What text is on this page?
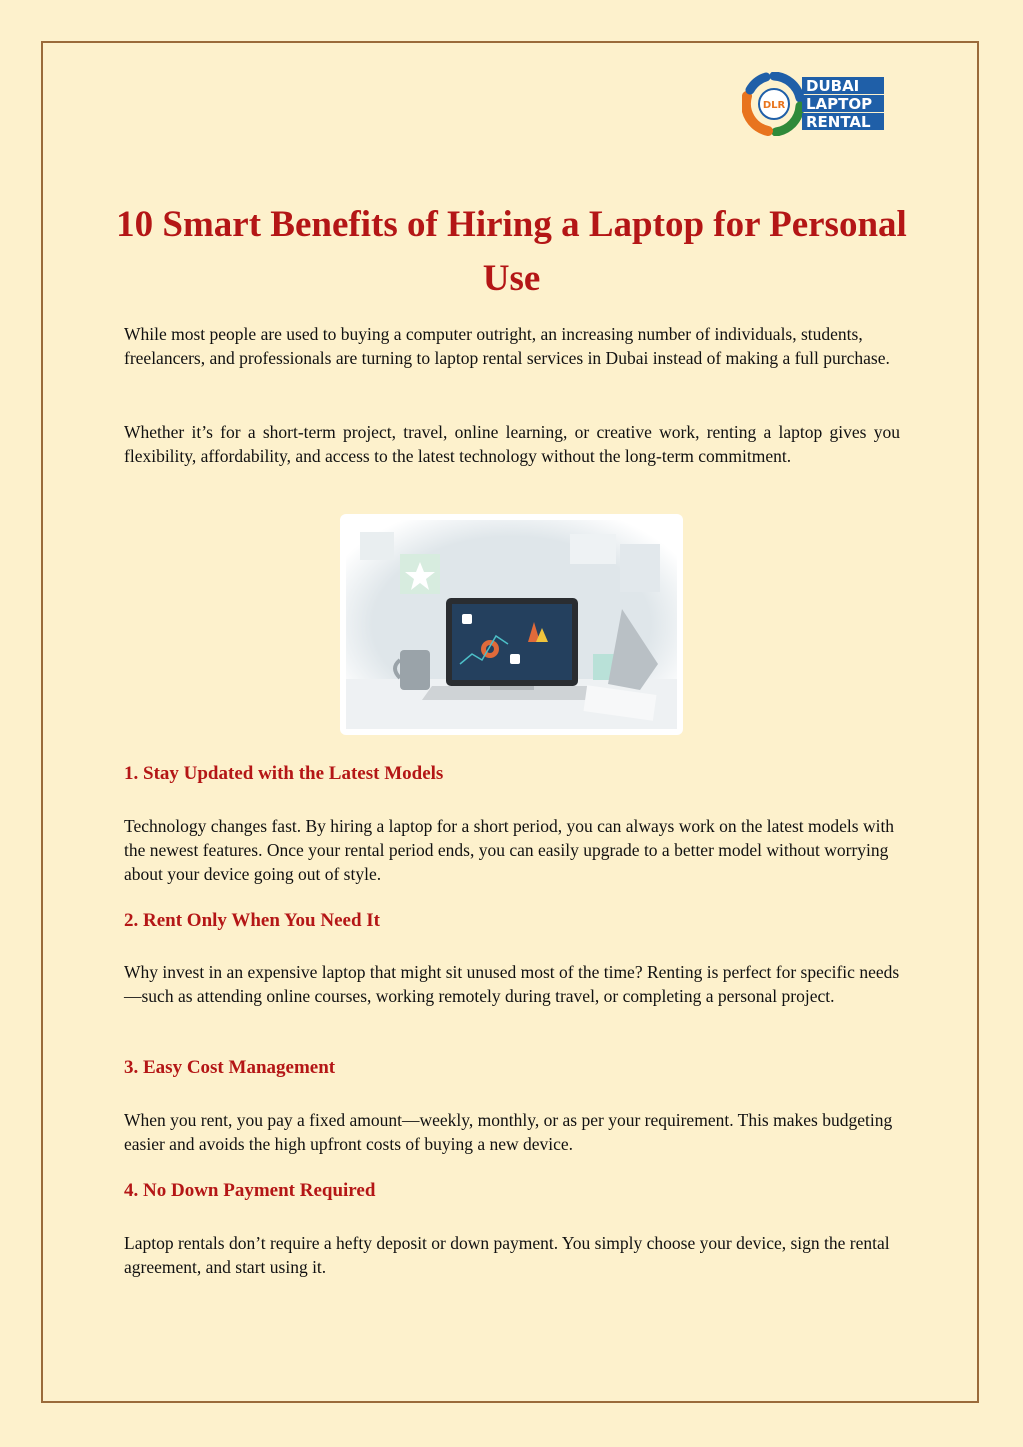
DLR
DUBAI
LAPTOP
RENTAL
10 Smart Benefits of Hiring a Laptop for Personal Use

While most people are used to buying a computer outright, an increasing number of individuals, students, freelancers, and professionals are turning to laptop rental services in Dubai instead of making a full purchase.

Whether it’s for a short-term project, travel, online learning, or creative work, renting a laptop gives you flexibility, affordability, and access to the latest technology without the long-term commitment.

1. Stay Updated with the Latest Models

Technology changes fast. By hiring a laptop for a short period, you can always work on the latest models with the newest features. Once your rental period ends, you can easily upgrade to a better model without worrying about your device going out of style.

2. Rent Only When You Need It

Why invest in an expensive laptop that might sit unused most of the time? Renting is perfect for specific needs—such as attending online courses, working remotely during travel, or completing a personal project.

3. Easy Cost Management

When you rent, you pay a fixed amount—weekly, monthly, or as per your requirement. This makes budgeting easier and avoids the high upfront costs of buying a new device.

4. No Down Payment Required

Laptop rentals don’t require a hefty deposit or down payment. You simply choose your device, sign the rental agreement, and start using it.
